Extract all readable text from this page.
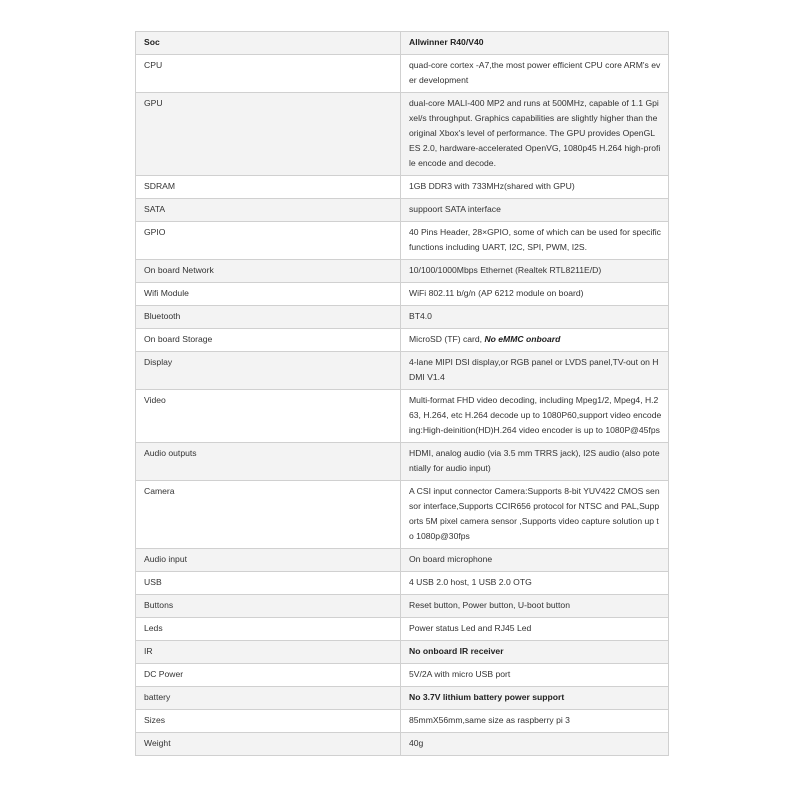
Soc	Allwinner R40/V40
CPU	quad-core cortex -A7,the most power efficient CPU core ARM's ever development
GPU	dual-core MALI-400 MP2 and runs at 500MHz, capable of 1.1 Gpixel/s throughput. Graphics capabilities are slightly higher than the original Xbox's level of performance. The GPU provides OpenGL ES 2.0, hardware-accelerated OpenVG, 1080p45 H.264 high-profile encode and decode.
SDRAM	1GB DDR3 with 733MHz(shared with GPU)
SATA	suppoort SATA interface
GPIO	40 Pins Header, 28×GPIO, some of which can be used for specific functions including UART, I2C, SPI, PWM, I2S.
On board Network	10/100/1000Mbps Ethernet (Realtek RTL8211E/D)
Wifi Module	WiFi 802.11 b/g/n (AP 6212 module on board)
Bluetooth	BT4.0
On board Storage	MicroSD (TF) card, No eMMC onboard
Display	4-lane MIPI DSI display,or RGB panel or LVDS panel,TV-out on HDMI V1.4
Video	Multi-format FHD video decoding, including Mpeg1/2, Mpeg4, H.263, H.264, etc H.264 decode up to 1080P60,support video encodeing:High-deinition(HD)H.264 video encoder is up to 1080P@45fps
Audio outputs	HDMI, analog audio (via 3.5 mm TRRS jack), I2S audio (also potentially for audio input)
Camera	A CSI input connector Camera:Supports 8-bit YUV422 CMOS sensor interface,Supports CCIR656 protocol for NTSC and PAL,Supports 5M pixel camera sensor ,Supports video capture solution up to 1080p@30fps
Audio input	On board microphone
USB	4 USB 2.0 host, 1 USB 2.0 OTG
Buttons	Reset button, Power button, U-boot button
Leds	Power status Led and RJ45 Led
IR	No onboard IR receiver
DC Power	5V/2A with micro USB port
battery	No 3.7V lithium battery power support
Sizes	85mmX56mm,same size as raspberry pi 3
Weight	40g
